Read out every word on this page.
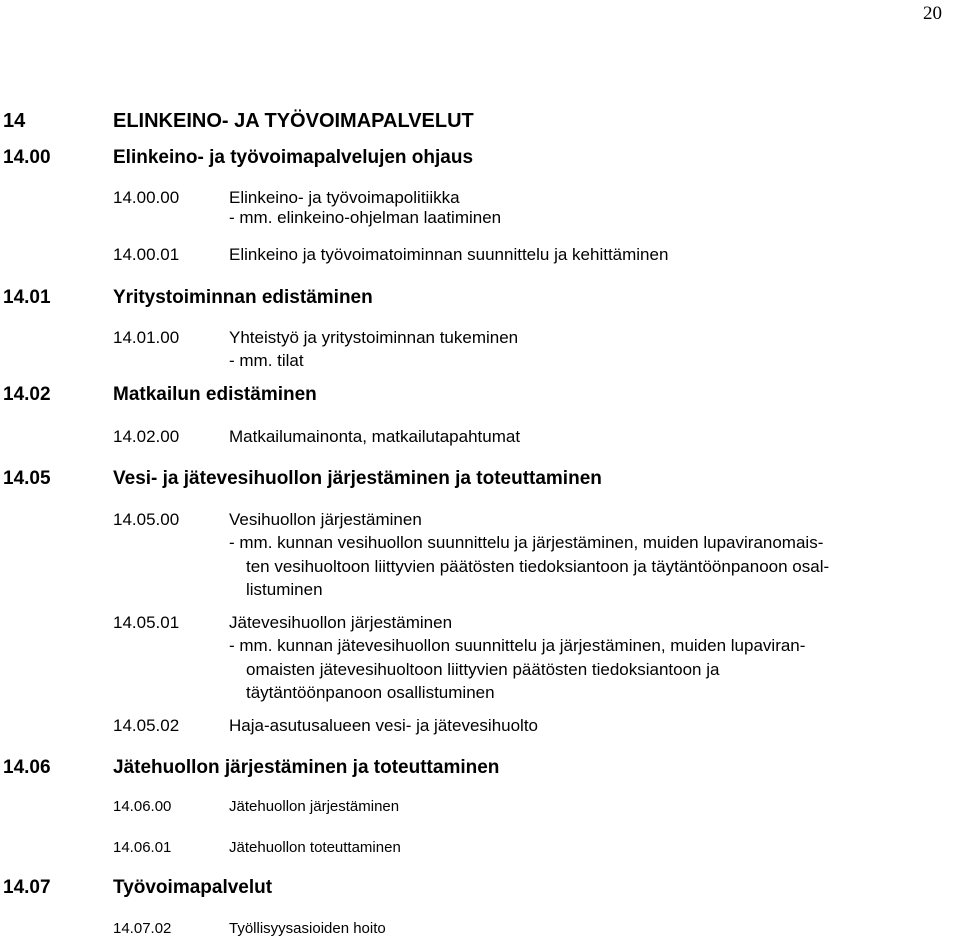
20
14	ELINKEINO- JA TYÖVOIMAPALVELUT
14.00	Elinkeino- ja työvoimapalvelujen ohjaus
14.00.00	Elinkeino- ja työvoimapolitiikka
- mm. elinkeino-ohjelman laatiminen
14.00.01	Elinkeino ja työvoimatoiminnan suunnittelu ja kehittäminen
14.01	Yritystoiminnan edistäminen
14.01.00	Yhteistyö ja yritystoiminnan tukeminen
- mm. tilat
14.02	Matkailun edistäminen
14.02.00	Matkailumainonta, matkailutapahtumat
14.05	Vesi- ja jätevesihuollon järjestäminen ja toteuttaminen
14.05.00	Vesihuollon järjestäminen
- mm. kunnan vesihuollon suunnittelu ja järjestäminen, muiden lupaviranomais-
ten vesihuoltoon liittyvien päätösten tiedoksiantoon ja täytäntöönpanoon osal-
listuminen
14.05.01	Jätevesihuollon järjestäminen
- mm. kunnan jätevesihuollon suunnittelu ja järjestäminen, muiden lupaviran-
omaisten jätevesihuoltoon liittyvien päätösten tiedoksiantoon ja
täytäntöönpanoon osallistuminen
14.05.02	Haja-asutusalueen vesi- ja jätevesihuolto
14.06	Jätehuollon järjestäminen ja toteuttaminen
14.06.00	Jätehuollon järjestäminen
14.06.01	Jätehuollon toteuttaminen
14.07	Työvoimapalvelut
14.07.02	Työllisyysasioiden hoito
